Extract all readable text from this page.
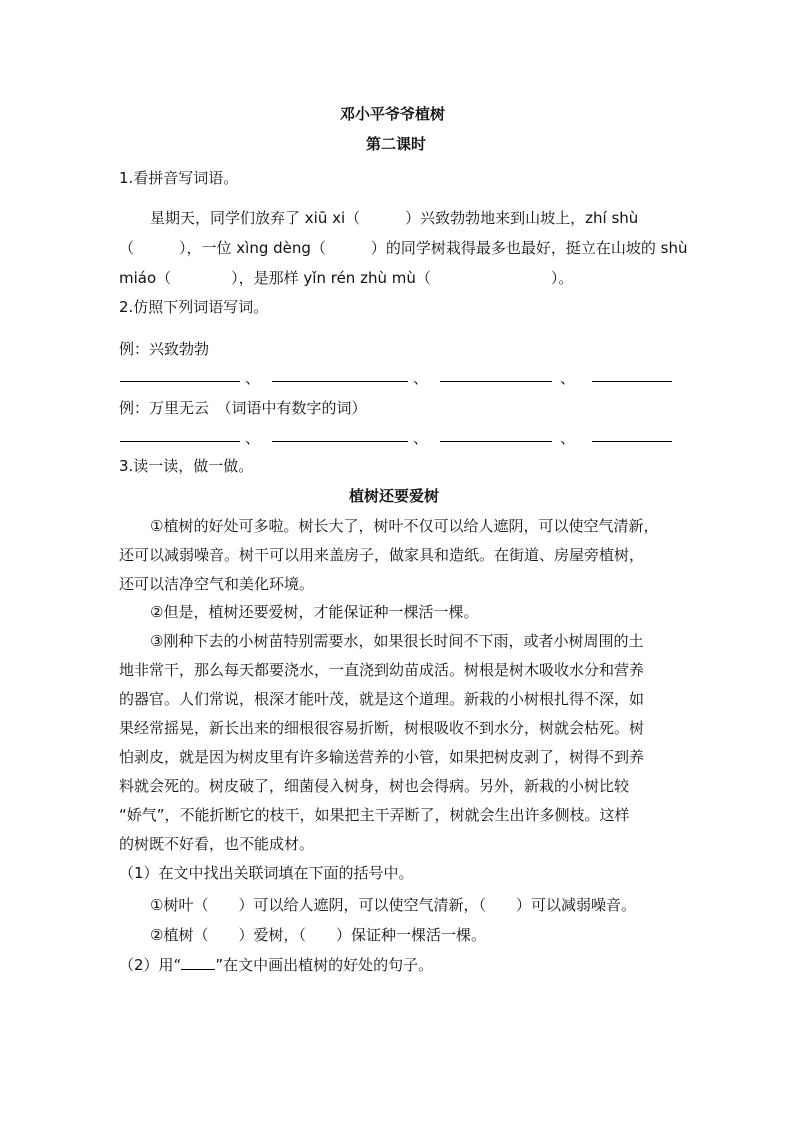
邓小平爷爷植树
第二课时
1.看拼音写词语。
星期天，同学们放弃了 xiū xi（　　　）兴致勃勃地来到山坡上，zhí shù
（　　　），一位 xìng dèng（　　　）的同学树栽得最多也最好，挺立在山坡的 shù
miáo（　　　　），是那样 yǐn rén zhù mù（　　　　　　　　）。
2.仿照下列词语写词。
例：兴致勃勃
、	、	、
例：万里无云　（词语中有数字的词）
、	、	、
3.读一读，做一做。
植树还要爱树
①植树的好处可多啦。树长大了，树叶不仅可以给人遮阴，可以使空气清新，
还可以减弱噪音。树干可以用来盖房子，做家具和造纸。在街道、房屋旁植树，
还可以洁净空气和美化环境。
②但是，植树还要爱树，才能保证种一棵活一棵。
③刚种下去的小树苗特别需要水，如果很长时间不下雨，或者小树周围的土
地非常干，那么每天都要浇水，一直浇到幼苗成活。树根是树木吸收水分和营养
的器官。人们常说，根深才能叶茂，就是这个道理。新栽的小树根扎得不深，如
果经常摇晃，新长出来的细根很容易折断，树根吸收不到水分，树就会枯死。树
怕剥皮，就是因为树皮里有许多输送营养的小管，如果把树皮剥了，树得不到养
料就会死的。树皮破了，细菌侵入树身，树也会得病。另外，新栽的小树比较
“娇气”，不能折断它的枝干，如果把主干弄断了，树就会生出许多侧枝。这样
的树既不好看，也不能成材。
（1）在文中找出关联词填在下面的括号中。
①树叶（　　）可以给人遮阴，可以使空气清新，（　　）可以减弱噪音。
②植树（　　）爱树，（　　）保证种一棵活一棵。
（2）用“ ”在文中画出植树的好处的句子。
